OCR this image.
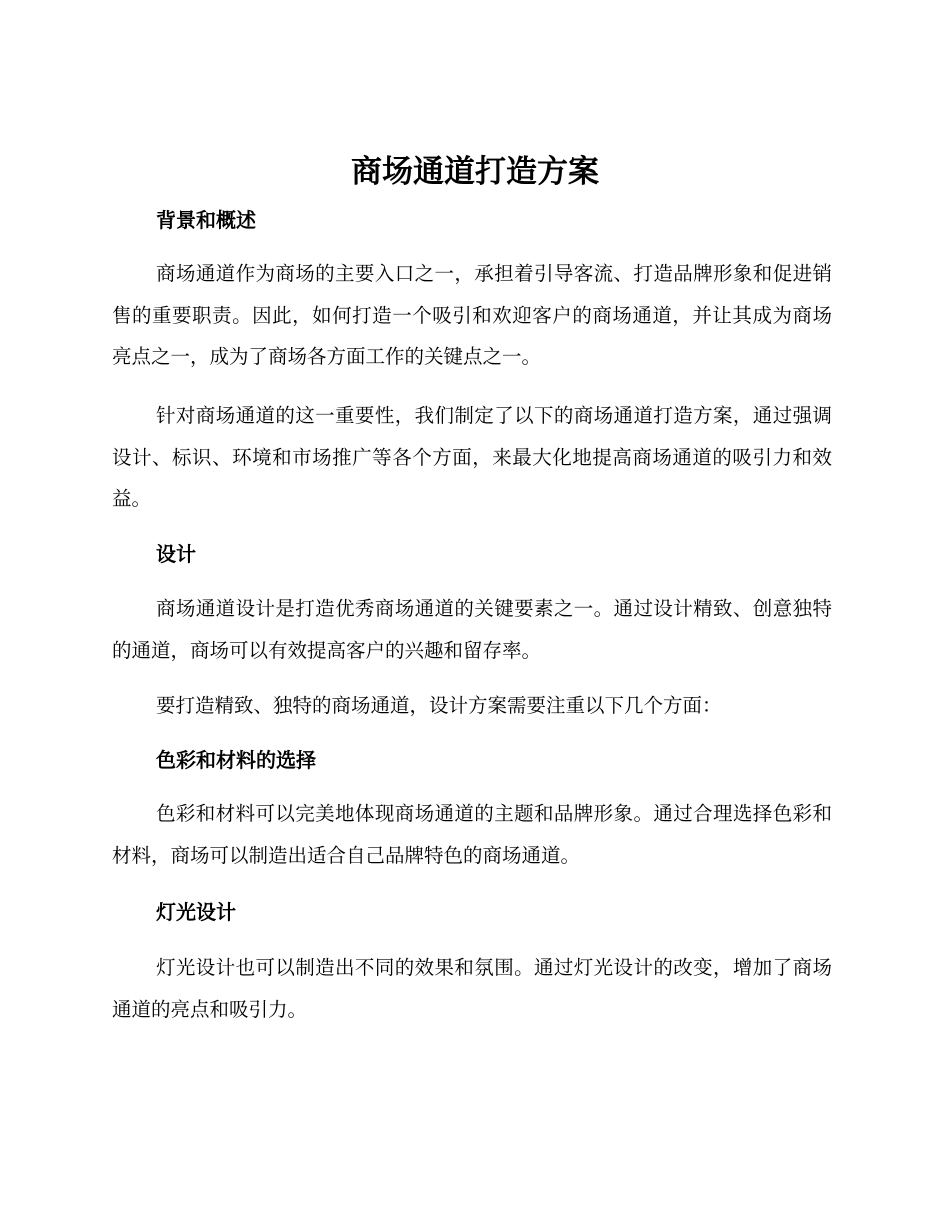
商场通道打造方案
背景和概述

商场通道作为商场的主要入口之一，承担着引导客流、打造品牌形象和促进销售的重要职责。因此，如何打造一个吸引和欢迎客户的商场通道，并让其成为商场亮点之一，成为了商场各方面工作的关键点之一。

针对商场通道的这一重要性，我们制定了以下的商场通道打造方案，通过强调设计、标识、环境和市场推广等各个方面，来最大化地提高商场通道的吸引力和效益。

设计

商场通道设计是打造优秀商场通道的关键要素之一。通过设计精致、创意独特的通道，商场可以有效提高客户的兴趣和留存率。

要打造精致、独特的商场通道，设计方案需要注重以下几个方面：

色彩和材料的选择

色彩和材料可以完美地体现商场通道的主题和品牌形象。通过合理选择色彩和材料，商场可以制造出适合自己品牌特色的商场通道。

灯光设计

灯光设计也可以制造出不同的效果和氛围。通过灯光设计的改变，增加了商场通道的亮点和吸引力。
